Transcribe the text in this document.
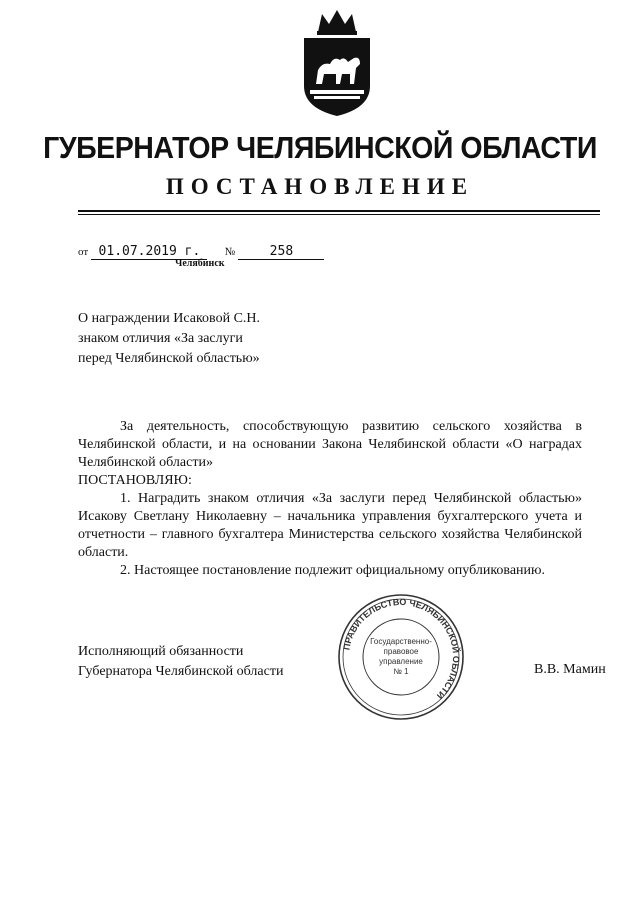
ГУБЕРНАТОР ЧЕЛЯБИНСКОЙ ОБЛАСТИ
ПОСТАНОВЛЕНИЕ
от 01.07.2019 г. №	258
Челябинск
О награждении Исаковой С.Н.
знаком отличия «За заслуги
перед Челябинской областью»

За деятельность, способствующую развитию сельского хозяйства в Челябинской области, и на основании Закона Челябинской области «О наградах Челябинской области»

ПОСТАНОВЛЯЮ:

1. Наградить знаком отличия «За заслуги перед Челябинской областью» Исакову Светлану Николаевну – начальника управления бухгалтерского учета и отчетности – главного бухгалтера Министерства сельского хозяйства Челябинской области.

2. Настоящее постановление подлежит официальному опубликованию.

Исполняющий обязанности
Губернатора Челябинской области	В.В. Мамин
ПРАВИТЕЛЬСТВО ЧЕЛЯБИНСКОЙ ОБЛАСТИ
Государственно-
правовое
управление
№ 1
